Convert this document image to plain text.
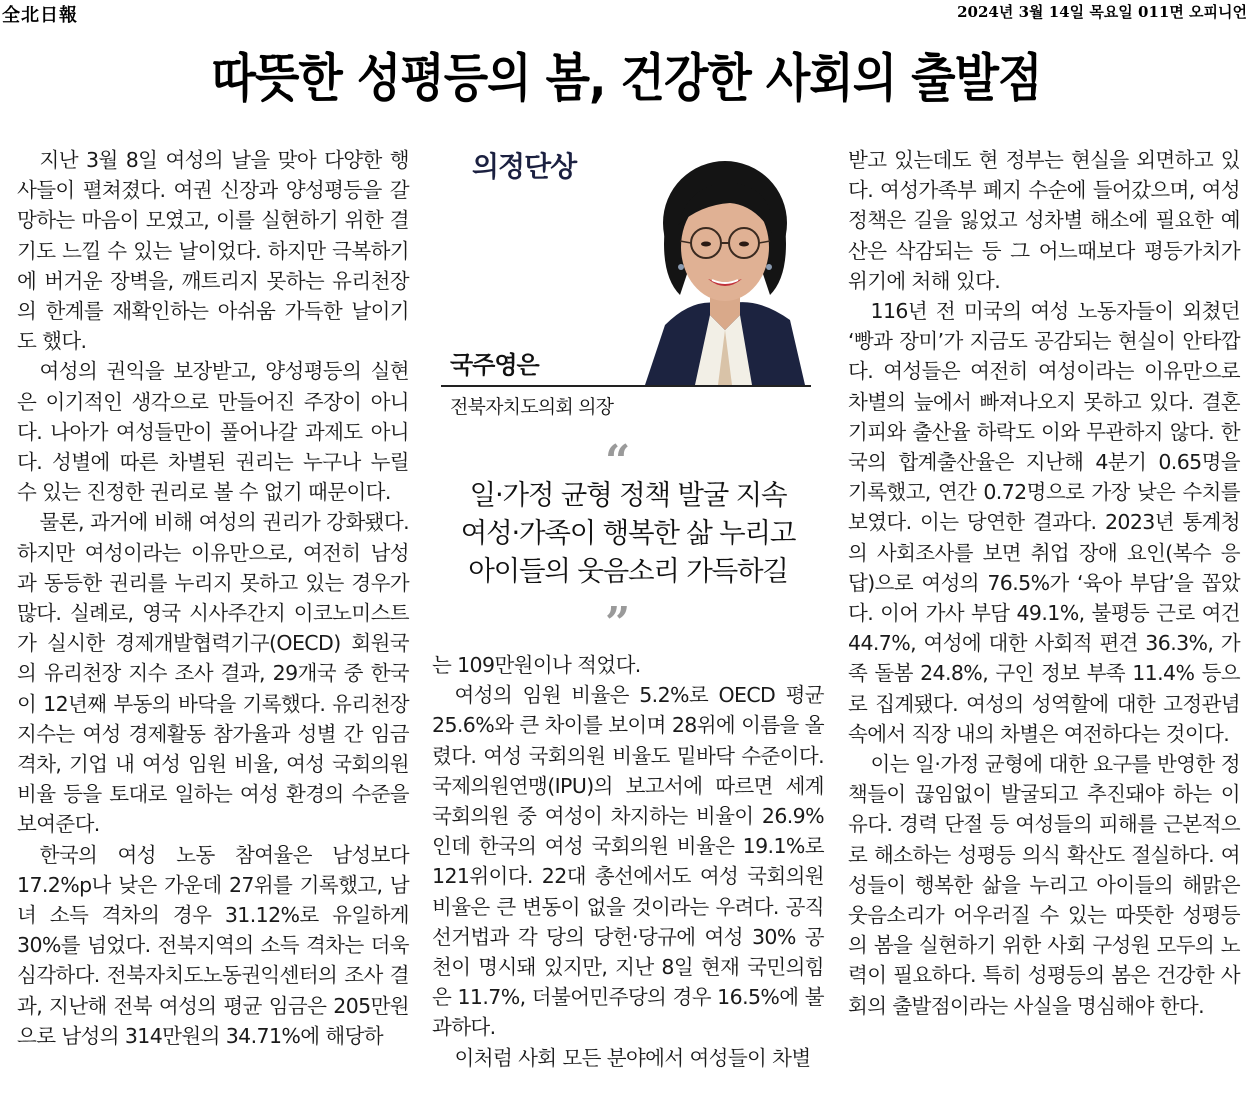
全北日報	2024년 3월 14일 목요일 011면 오피니언
따뜻한 성평등의 봄, 건강한 사회의 출발점

지난 3월 8일 여성의 날을 맞아 다양한 행사들이 펼쳐졌다. 여권 신장과 양성평등을 갈망하는 마음이 모였고, 이를 실현하기 위한 결기도 느낄 수 있는 날이었다. 하지만 극복하기에 버거운 장벽을, 깨트리지 못하는 유리천장의 한계를 재확인하는 아쉬움 가득한 날이기도 했다.

여성의 권익을 보장받고, 양성평등의 실현은 이기적인 생각으로 만들어진 주장이 아니다. 나아가 여성들만이 풀어나갈 과제도 아니다. 성별에 따른 차별된 권리는 누구나 누릴 수 있는 진정한 권리로 볼 수 없기 때문이다.

물론, 과거에 비해 여성의 권리가 강화됐다. 하지만 여성이라는 이유만으로, 여전히 남성과 동등한 권리를 누리지 못하고 있는 경우가 많다. 실례로, 영국 시사주간지 이코노미스트가 실시한 경제개발협력기구(OECD) 회원국의 유리천장 지수 조사 결과, 29개국 중 한국이 12년째 부동의 바닥을 기록했다. 유리천장 지수는 여성 경제활동 참가율과 성별 간 임금 격차, 기업 내 여성 임원 비율, 여성 국회의원 비율 등을 토대로 일하는 여성 환경의 수준을 보여준다.

한국의 여성 노동 참여율은 남성보다 17.2%p나 낮은 가운데 27위를 기록했고, 남녀 소득 격차의 경우 31.12%로 유일하게 30%를 넘었다. 전북지역의 소득 격차는 더욱 심각하다. 전북자치도노동권익센터의 조사 결과, 지난해 전북 여성의 평균 임금은 205만원으로 남성의 314만원의 34.71%에 해당하

의정단상
국주영은
전북자치도의회 의장
“
일·가정 균형 정책 발굴 지속
여성·가족이 행복한 삶 누리고
아이들의 웃음소리 가득하길
”

는 109만원이나 적었다.

여성의 임원 비율은 5.2%로 OECD 평균 25.6%와 큰 차이를 보이며 28위에 이름을 올렸다. 여성 국회의원 비율도 밑바닥 수준이다. 국제의원연맹(IPU)의 보고서에 따르면 세계 국회의원 중 여성이 차지하는 비율이 26.9%인데 한국의 여성 국회의원 비율은 19.1%로 121위이다. 22대 총선에서도 여성 국회의원 비율은 큰 변동이 없을 것이라는 우려다. 공직선거법과 각 당의 당헌·당규에 여성 30% 공천이 명시돼 있지만, 지난 8일 현재 국민의힘은 11.7%, 더불어민주당의 경우 16.5%에 불과하다.

이처럼 사회 모든 분야에서 여성들이 차별

받고 있는데도 현 정부는 현실을 외면하고 있다. 여성가족부 폐지 수순에 들어갔으며, 여성 정책은 길을 잃었고 성차별 해소에 필요한 예산은 삭감되는 등 그 어느때보다 평등가치가 위기에 처해 있다.

116년 전 미국의 여성 노동자들이 외쳤던 ‘빵과 장미’가 지금도 공감되는 현실이 안타깝다. 여성들은 여전히 여성이라는 이유만으로 차별의 늪에서 빠져나오지 못하고 있다. 결혼기피와 출산율 하락도 이와 무관하지 않다. 한국의 합계출산율은 지난해 4분기 0.65명을 기록했고, 연간 0.72명으로 가장 낮은 수치를 보였다. 이는 당연한 결과다. 2023년 통계청의 사회조사를 보면 취업 장애 요인(복수 응답)으로 여성의 76.5%가 ‘육아 부담’을 꼽았다. 이어 가사 부담 49.1%, 불평등 근로 여건 44.7%, 여성에 대한 사회적 편견 36.3%, 가족 돌봄 24.8%, 구인 정보 부족 11.4% 등으로 집계됐다. 여성의 성역할에 대한 고정관념 속에서 직장 내의 차별은 여전하다는 것이다.

이는 일·가정 균형에 대한 요구를 반영한 정책들이 끊임없이 발굴되고 추진돼야 하는 이유다. 경력 단절 등 여성들의 피해를 근본적으로 해소하는 성평등 의식 확산도 절실하다. 여성들이 행복한 삶을 누리고 아이들의 해맑은 웃음소리가 어우러질 수 있는 따뜻한 성평등의 봄을 실현하기 위한 사회 구성원 모두의 노력이 필요하다. 특히 성평등의 봄은 건강한 사회의 출발점이라는 사실을 명심해야 한다.
